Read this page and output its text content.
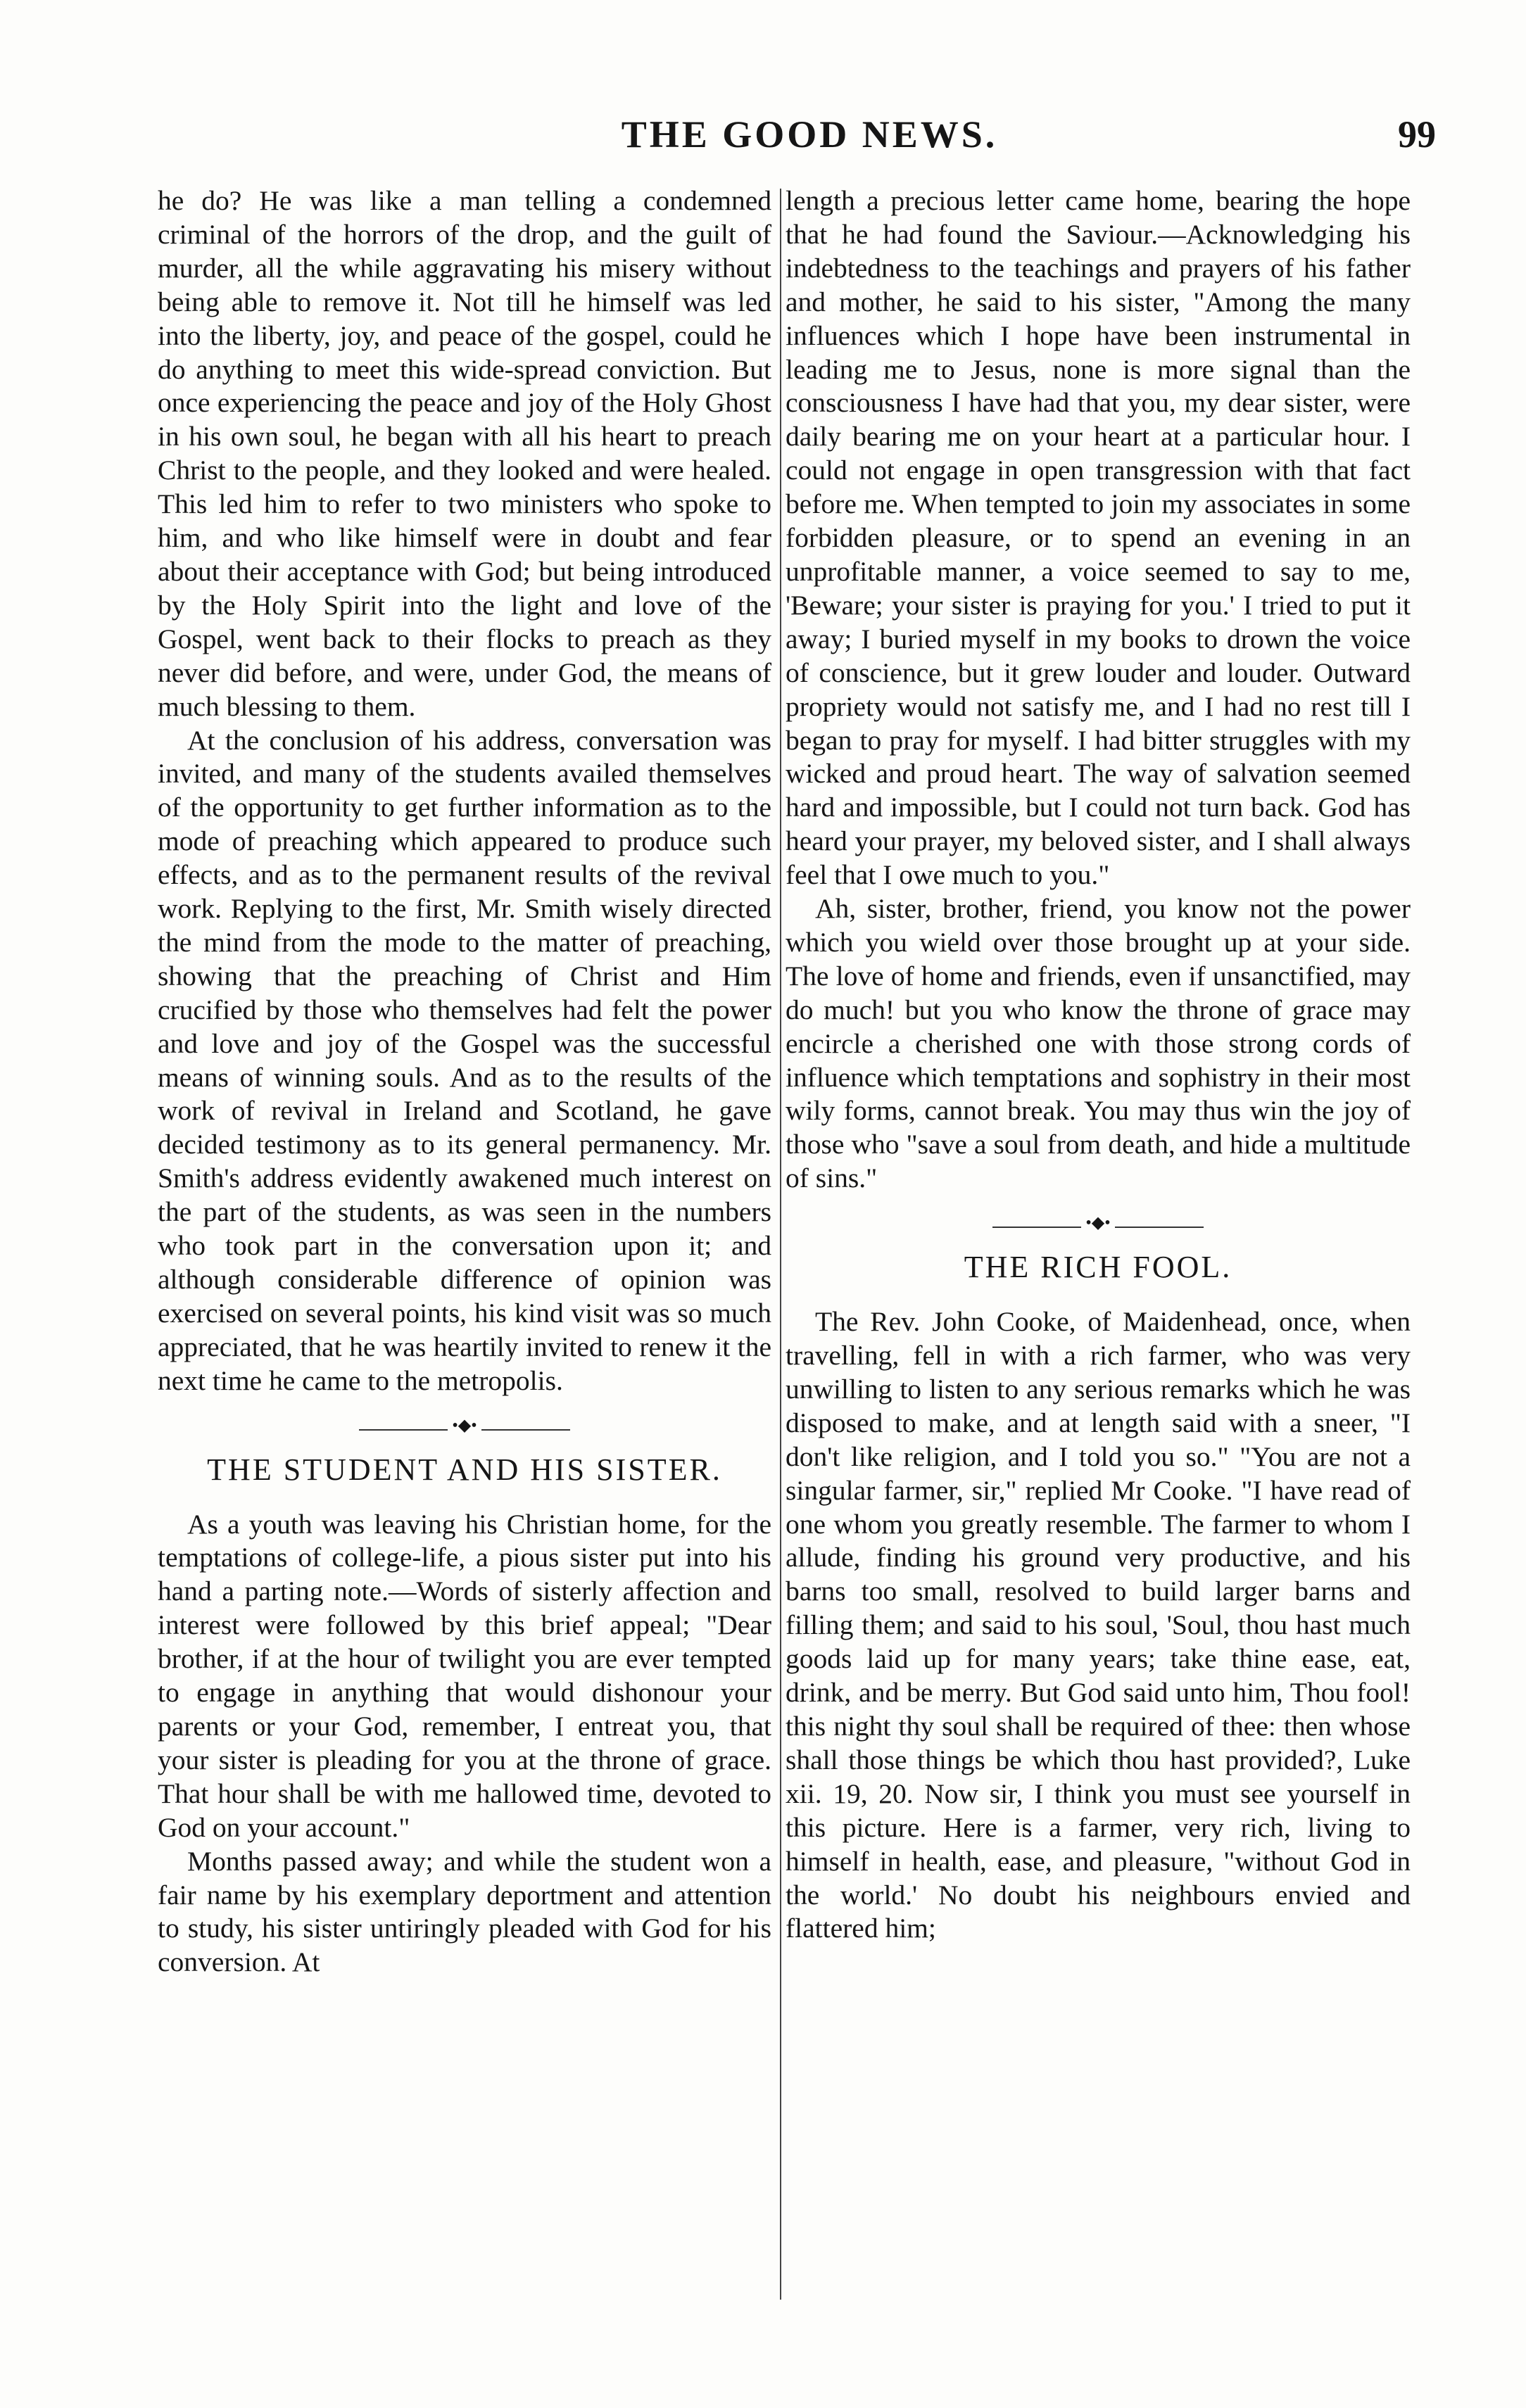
THE GOOD NEWS.	99

he do? He was like a man telling a condemned criminal of the horrors of the drop, and the guilt of murder, all the while aggravating his misery without being able to remove it. Not till he himself was led into the liberty, joy, and peace of the gospel, could he do anything to meet this wide-spread conviction. But once experiencing the peace and joy of the Holy Ghost in his own soul, he began with all his heart to preach Christ to the people, and they looked and were healed. This led him to refer to two ministers who spoke to him, and who like himself were in doubt and fear about their acceptance with God; but being introduced by the Holy Spirit into the light and love of the Gospel, went back to their flocks to preach as they never did before, and were, under God, the means of much blessing to them.

At the conclusion of his address, conversation was invited, and many of the students availed themselves of the opportunity to get further information as to the mode of preaching which appeared to produce such effects, and as to the permanent results of the revival work. Replying to the first, Mr. Smith wisely directed the mind from the mode to the matter of preaching, showing that the preaching of Christ and Him crucified by those who themselves had felt the power and love and joy of the Gospel was the successful means of winning souls. And as to the results of the work of revival in Ireland and Scotland, he gave decided testimony as to its general permanency. Mr. Smith's address evidently awakened much interest on the part of the students, as was seen in the numbers who took part in the conversation upon it; and although considerable difference of opinion was exercised on several points, his kind visit was so much appreciated, that he was heartily invited to renew it the next time he came to the metropolis.

•◆•
THE STUDENT AND HIS SISTER.

As a youth was leaving his Christian home, for the temptations of college-life, a pious sister put into his hand a parting note.—Words of sisterly affection and interest were followed by this brief appeal; "Dear brother, if at the hour of twilight you are ever tempted to engage in anything that would dishonour your parents or your God, remember, I entreat you, that your sister is pleading for you at the throne of grace. That hour shall be with me hallowed time, devoted to God on your account."

Months passed away; and while the student won a fair name by his exemplary deportment and attention to study, his sister untiringly pleaded with God for his conversion. At

length a precious letter came home, bearing the hope that he had found the Saviour.—Acknowledging his indebtedness to the teachings and prayers of his father and mother, he said to his sister, "Among the many influences which I hope have been instrumental in leading me to Jesus, none is more signal than the consciousness I have had that you, my dear sister, were daily bearing me on your heart at a particular hour. I could not engage in open transgression with that fact before me. When tempted to join my associates in some forbidden pleasure, or to spend an evening in an unprofitable manner, a voice seemed to say to me, 'Beware; your sister is praying for you.' I tried to put it away; I buried myself in my books to drown the voice of conscience, but it grew louder and louder. Outward propriety would not satisfy me, and I had no rest till I began to pray for myself. I had bitter struggles with my wicked and proud heart. The way of salvation seemed hard and impossible, but I could not turn back. God has heard your prayer, my beloved sister, and I shall always feel that I owe much to you."

Ah, sister, brother, friend, you know not the power which you wield over those brought up at your side. The love of home and friends, even if unsanctified, may do much! but you who know the throne of grace may encircle a cherished one with those strong cords of influence which temptations and sophistry in their most wily forms, cannot break. You may thus win the joy of those who "save a soul from death, and hide a multitude of sins."

•◆•
THE RICH FOOL.

The Rev. John Cooke, of Maidenhead, once, when travelling, fell in with a rich farmer, who was very unwilling to listen to any serious remarks which he was disposed to make, and at length said with a sneer, "I don't like religion, and I told you so." "You are not a singular farmer, sir," replied Mr Cooke. "I have read of one whom you greatly resemble. The farmer to whom I allude, finding his ground very productive, and his barns too small, resolved to build larger barns and filling them; and said to his soul, 'Soul, thou hast much goods laid up for many years; take thine ease, eat, drink, and be merry. But God said unto him, Thou fool! this night thy soul shall be required of thee: then whose shall those things be which thou hast provided?, Luke xii. 19, 20. Now sir, I think you must see yourself in this picture. Here is a farmer, very rich, living to himself in health, ease, and pleasure, "without God in the world.' No doubt his neighbours envied and flattered him;
